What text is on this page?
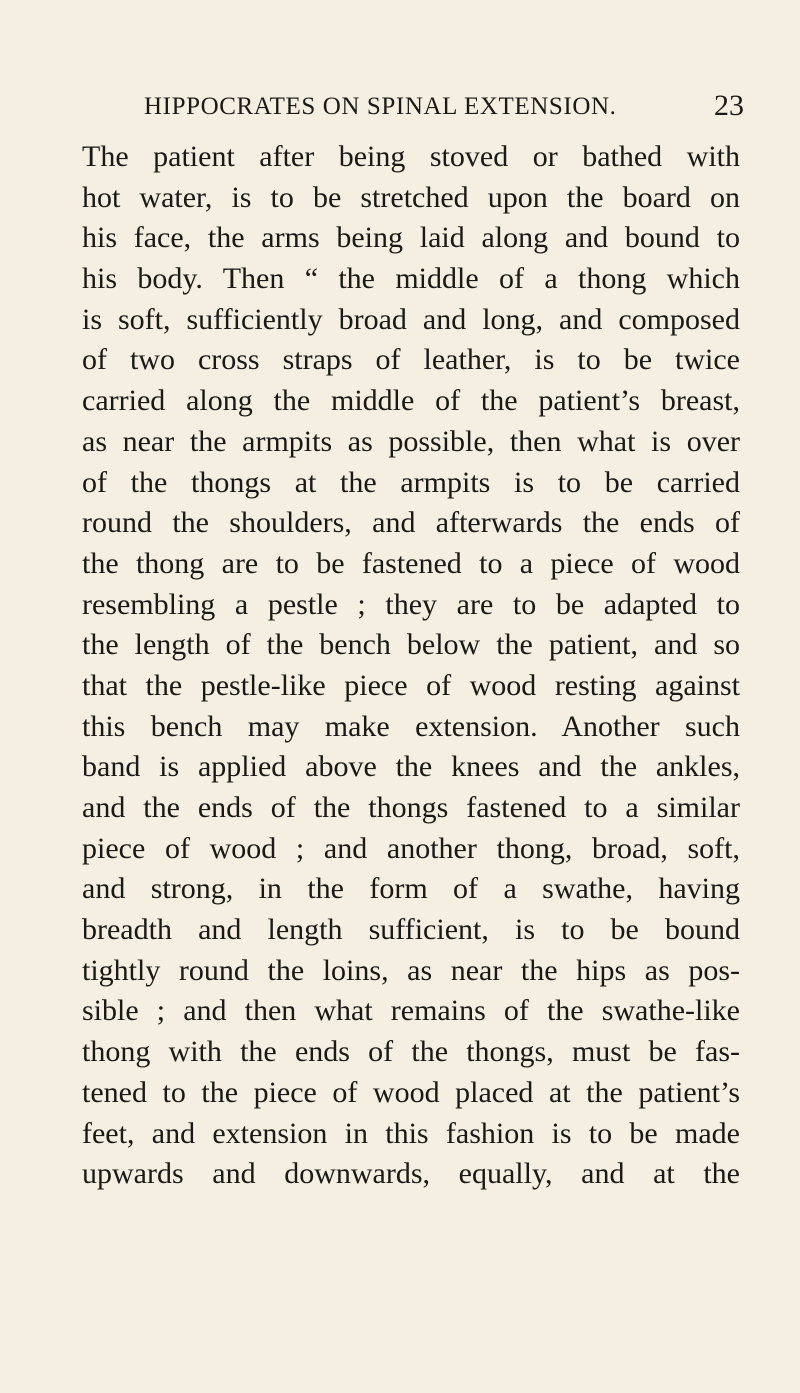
HIPPOCRATES ON SPINAL EXTENSION.	23
The patient after being stoved or bathed with
hot water, is to be stretched upon the board on
his face, the arms being laid along and bound to
his body. Then “ the middle of a thong which
is soft, sufficiently broad and long, and composed
of two cross straps of leather, is to be twice
carried along the middle of the patient’s breast,
as near the armpits as possible, then what is over
of the thongs at the armpits is to be carried
round the shoulders, and afterwards the ends of
the thong are to be fastened to a piece of wood
resembling a pestle ; they are to be adapted to
the length of the bench below the patient, and so
that the pestle-like piece of wood resting against
this bench may make extension. Another such
band is applied above the knees and the ankles,
and the ends of the thongs fastened to a similar
piece of wood ; and another thong, broad, soft,
and strong, in the form of a swathe, having
breadth and length sufficient, is to be bound
tightly round the loins, as near the hips as pos-
sible ; and then what remains of the swathe-like
thong with the ends of the thongs, must be fas-
tened to the piece of wood placed at the patient’s
feet, and extension in this fashion is to be made
upwards and downwards, equally, and at the
